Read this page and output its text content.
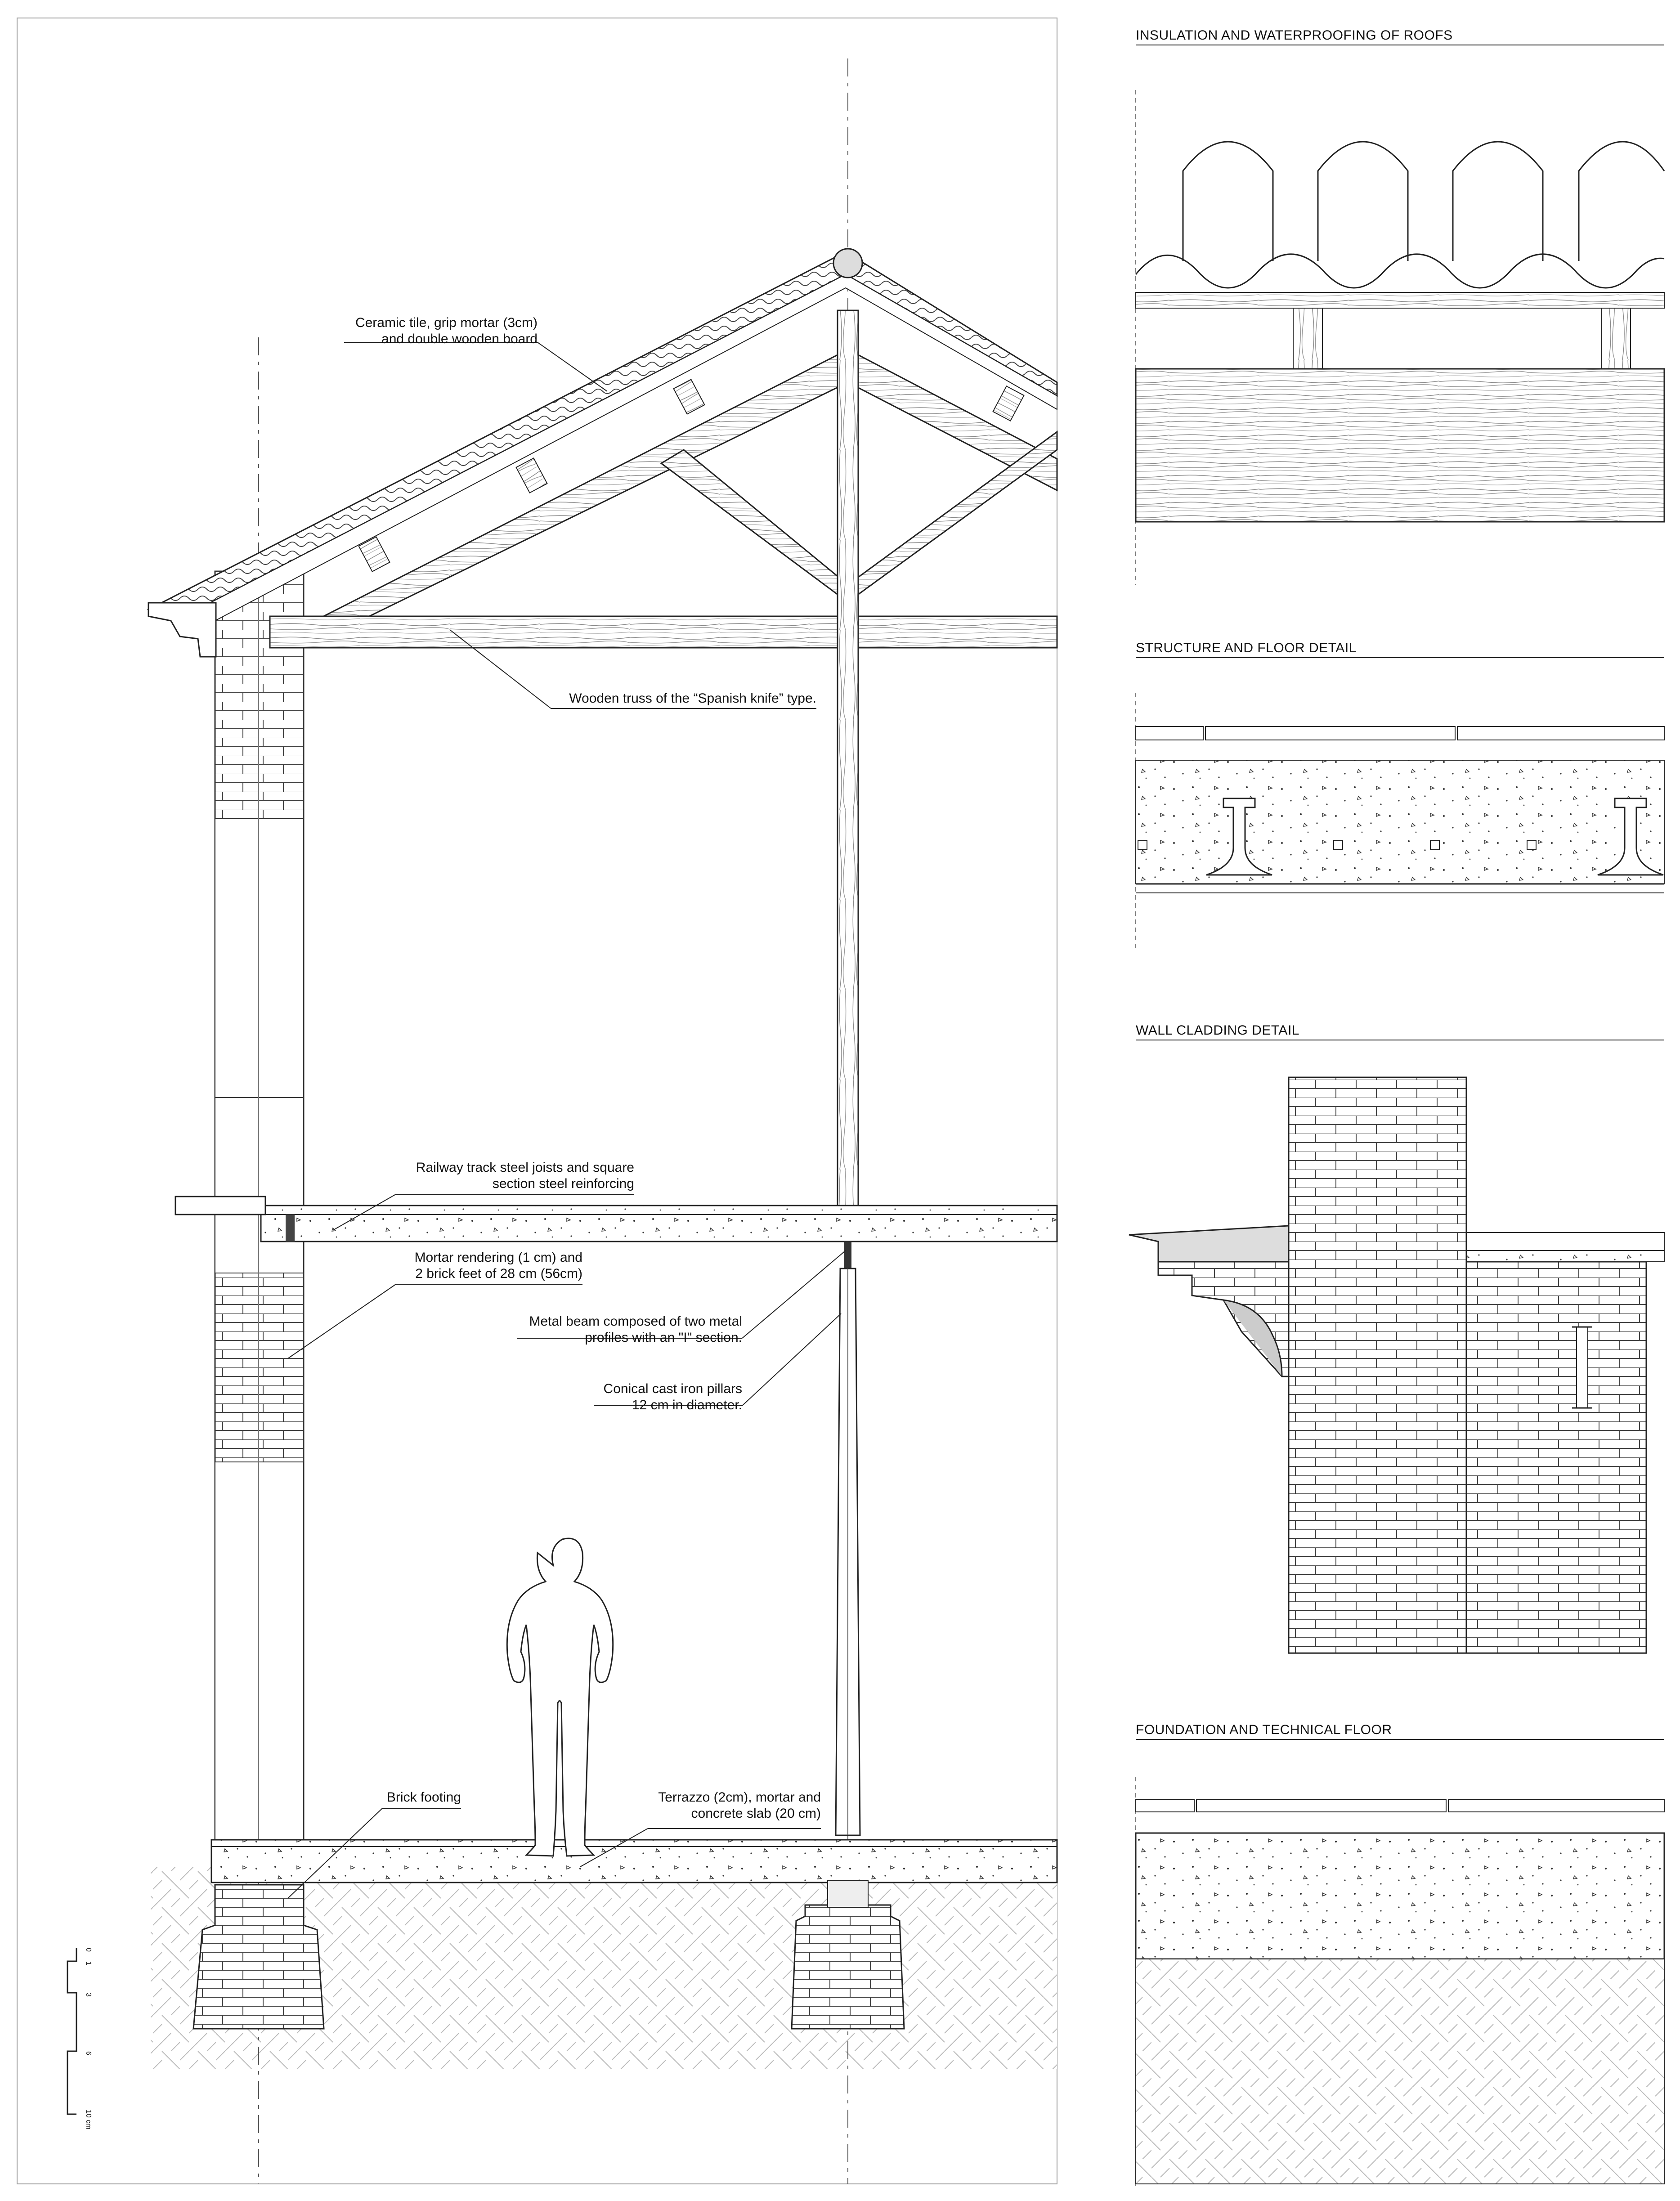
Ceramic tile, grip mortar (3cm)
and double wooden board
Wooden truss of the “Spanish knife” type.
Railway track steel joists and square
section steel reinforcing
Mortar rendering (1 cm) and
2 brick feet of 28 cm (56cm)
Metal beam composed of two metal
profiles with an "I" section.
Conical cast iron pillars
12 cm in diameter.
Brick footing	Terrazzo (2cm), mortar and
concrete slab (20 cm)
INSULATION AND WATERPROOFING OF ROOFS
STRUCTURE AND FLOOR DETAIL
WALL CLADDING DETAIL
FOUNDATION AND TECHNICAL FLOOR
0
1
3
6
10 cm
